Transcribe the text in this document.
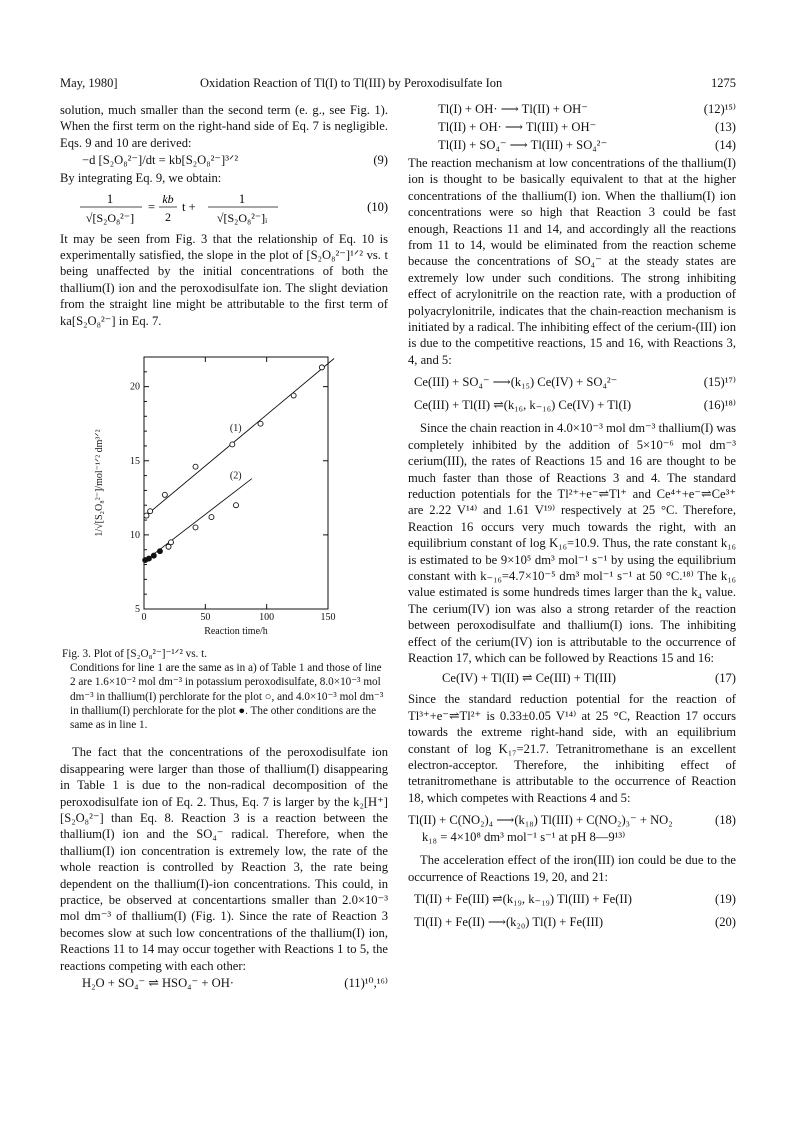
May, 1980]	Oxidation Reaction of Tl(I) to Tl(III) by Peroxodisulfate Ion	1275

solution, much smaller than the second term (e. g., see Fig. 1). When the first term on the right-hand side of Eq. 7 is negligible. Eqs. 9 and 10 are derived:

−d [S₂O₈²⁻]/dt = kb[S₂O₈²⁻]³ᐟ²	(9)

By integrating Eq. 9, we obtain:

1
√[S₂O₈²⁻]
=
kb
2
t +
1
√[S₂O₈²⁻]ᵢ
(10)

It may be seen from Fig. 3 that the relationship of Eq. 10 is experimentally satisfied, the slope in the plot of [S₂O₈²⁻]¹ᐟ² vs. t being unaffected by the initial concentrations of both the thallium(I) ion and the peroxodisulfate ion. The slight deviation from the straight line might be attributable to the first term of ka[S₂O₈²⁻] in Eq. 7.

0	50	100	150
5
10
15
20
Reaction time/h
1/√[S₂O₈²⁻]/mol⁻¹ᐟ² dm³ᐟ²
(1)
(2)
Fig. 3. Plot of [S₂O₈²⁻]⁻¹ᐟ² vs. t.
Conditions for line 1 are the same as in a) of Table 1 and those of line 2 are 1.6×10⁻² mol dm⁻³ in potassium peroxodisulfate, 8.0×10⁻³ mol dm⁻³ in thallium(I) perchlorate for the plot ○, and 4.0×10⁻³ mol dm⁻³ in thallium(I) perchlorate for the plot ●. The other conditions are the same as in line 1.

The fact that the concentrations of the peroxodisulfate ion disappearing were larger than those of thallium(I) disappearing in Table 1 is due to the non-radical decomposition of the peroxodisulfate ion of Eq. 2. Thus, Eq. 7 is larger by the k₂[H⁺] [S₂O₈²⁻] than Eq. 8. Reaction 3 is a reaction between the thallium(I) ion and the SO₄⁻ radical. Therefore, when the thallium(I) ion concentration is extremely low, the rate of the whole reaction is controlled by Reaction 3, the rate being dependent on the thallium(I)-ion concentrations. This could, in practice, be observed at concentartions smaller than 2.0×10⁻³ mol dm⁻³ of thallium(I) (Fig. 1). Since the rate of Reaction 3 becomes slow at such low concentrations of the thallium(I) ion, Reactions 11 to 14 may occur together with Reactions 1 to 5, the reactions competing with each other:

H₂O + SO₄⁻ ⇌ HSO₄⁻ + OH·	(11)¹⁰,¹⁶⁾
Tl(I) + OH· ⟶ Tl(II) + OH⁻	(12)¹⁵⁾
Tl(II) + OH· ⟶ Tl(III) + OH⁻	(13)
Tl(II) + SO₄⁻ ⟶ Tl(III) + SO₄²⁻	(14)

The reaction mechanism at low concentrations of the thallium(I) ion is thought to be basically equivalent to that at the higher concentrations of the thallium(I) ion. When the thallium(I) ion concentrations were so high that Reaction 3 could be fast enough, Reactions 11 and 14, and accordingly all the reactions from 11 to 14, would be eliminated from the reaction scheme because the concentrations of SO₄⁻ at the steady states are extremely low under such conditions. The strong inhibiting effect of acrylonitrile on the reaction rate, with a production of polyacrylonitrile, indicates that the chain-reaction mechanism is initiated by a radical. The inhibiting effect of the cerium-(III) ion is due to the competitive reactions, 15 and 16, with Reactions 3, 4, and 5:

Ce(III) + SO₄⁻ ⟶(k₁₅) Ce(IV) + SO₄²⁻	(15)¹⁷⁾
Ce(III) + Tl(II) ⇌(k₁₆, k₋₁₆) Ce(IV) + Tl(I)	(16)¹⁸⁾

Since the chain reaction in 4.0×10⁻³ mol dm⁻³ thallium(I) was completely inhibited by the addition of 5×10⁻⁶ mol dm⁻³ cerium(III), the rates of Reactions 15 and 16 are thought to be much faster than those of Reactions 3 and 4. The standard reduction potentials for the Tl²⁺+e⁻⇌Tl⁺ and Ce⁴⁺+e⁻⇌Ce³⁺ are 2.22 V¹⁴⁾ and 1.61 V¹⁹⁾ respectively at 25 °C. Therefore, Reaction 16 occurs very much towards the right, with an equilibrium constant of log K₁₆=10.9. Thus, the rate constant k₁₆ is estimated to be 9×10⁵ dm³ mol⁻¹ s⁻¹ by using the equilibrium constant with k₋₁₆=4.7×10⁻⁵ dm³ mol⁻¹ s⁻¹ at 50 °C.¹⁸⁾ The k₁₆ value estimated is some hundreds times larger than the k₄ value. The cerium(IV) ion was also a strong retarder of the reaction between peroxodisulfate and thallium(I) ions. The inhibiting effect of the cerium(IV) ion is attributable to the occurrence of Reaction 17, which can be followed by Reactions 15 and 16:

Ce(IV) + Tl(II) ⇌ Ce(III) + Tl(III)	(17)

Since the standard reduction potential for the reaction of Tl³⁺+e⁻⇌Tl²⁺ is 0.33±0.05 V¹⁴⁾ at 25 °C, Reaction 17 occurs towards the extreme right-hand side, with an equilibrium constant of log K₁₇=21.7. Tetranitromethane is an excellent electron-acceptor. Therefore, the inhibiting effect of tetranitromethane is attributable to the occurrence of Reaction 18, which competes with Reactions 4 and 5:

Tl(II) + C(NO₂)₄ ⟶(k₁₈) Tl(III) + C(NO₂)₃⁻ + NO₂	(18)
k₁₈ = 4×10⁸ dm³ mol⁻¹ s⁻¹ at pH 8—9¹³⁾

The acceleration effect of the iron(III) ion could be due to the occurrence of Reactions 19, 20, and 21:

Tl(II) + Fe(III) ⇌(k₁₉, k₋₁₉) Tl(III) + Fe(II)	(19)
Tl(II) + Fe(II) ⟶(k₂₀) Tl(I) + Fe(III)	(20)
